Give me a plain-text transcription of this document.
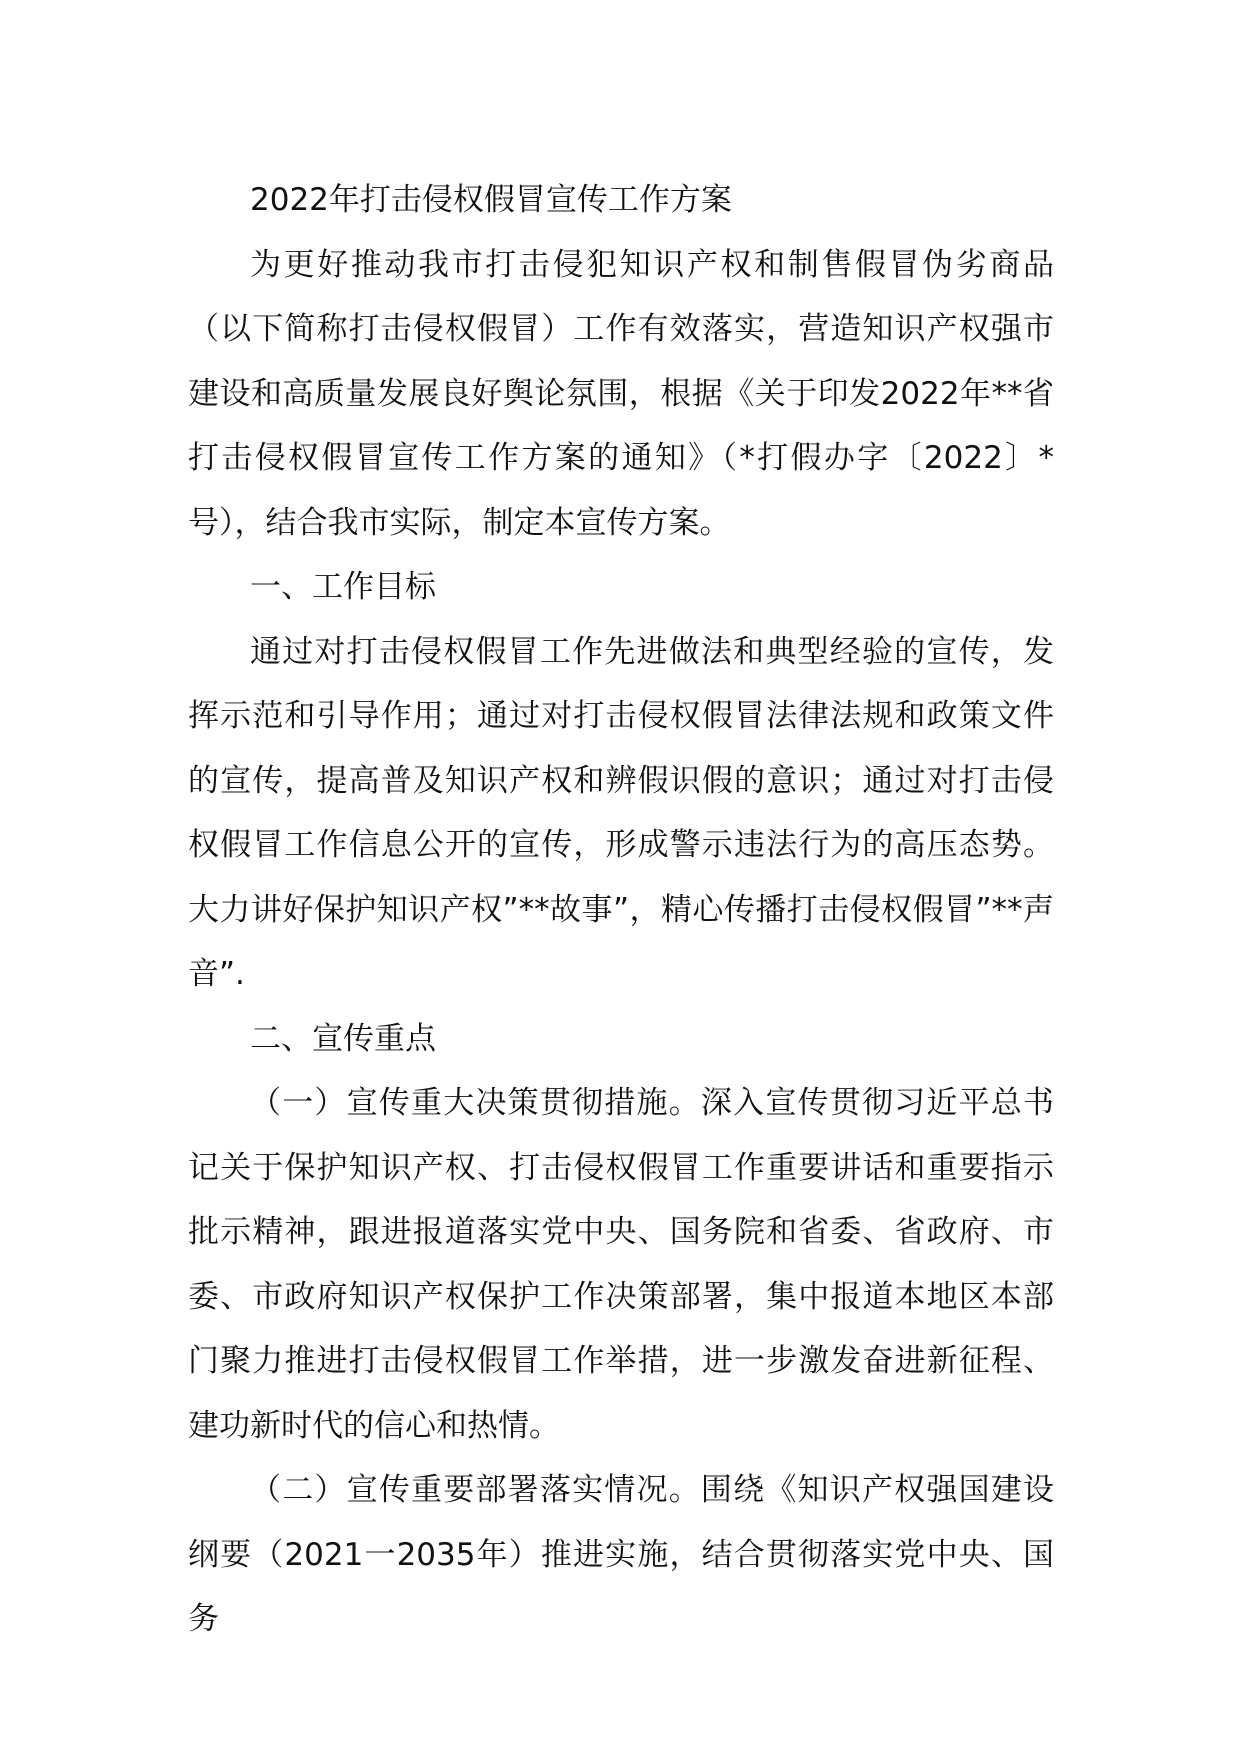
2022年打击侵权假冒宣传工作方案

为更好推动我市打击侵犯知识产权和制售假冒伪劣商品（以下简称打击侵权假冒）工作有效落实，营造知识产权强市建设和高质量发展良好舆论氛围，根据《关于印发2022年**省打击侵权假冒宣传工作方案的通知》（*打假办字〔2022〕*号），结合我市实际，制定本宣传方案。

一、工作目标

通过对打击侵权假冒工作先进做法和典型经验的宣传，发挥示范和引导作用；通过对打击侵权假冒法律法规和政策文件的宣传，提高普及知识产权和辨假识假的意识；通过对打击侵权假冒工作信息公开的宣传，形成警示违法行为的高压态势。大力讲好保护知识产权”**故事”，精心传播打击侵权假冒”**声音”.

二、宣传重点

（一）宣传重大决策贯彻措施。深入宣传贯彻习近平总书记关于保护知识产权、打击侵权假冒工作重要讲话和重要指示批示精神，跟进报道落实党中央、国务院和省委、省政府、市委、市政府知识产权保护工作决策部署，集中报道本地区本部门聚力推进打击侵权假冒工作举措，进一步激发奋进新征程、建功新时代的信心和热情。

（二）宣传重要部署落实情况。围绕《知识产权强国建设纲要（2021一2035年）推进实施，结合贯彻落实党中央、国务
